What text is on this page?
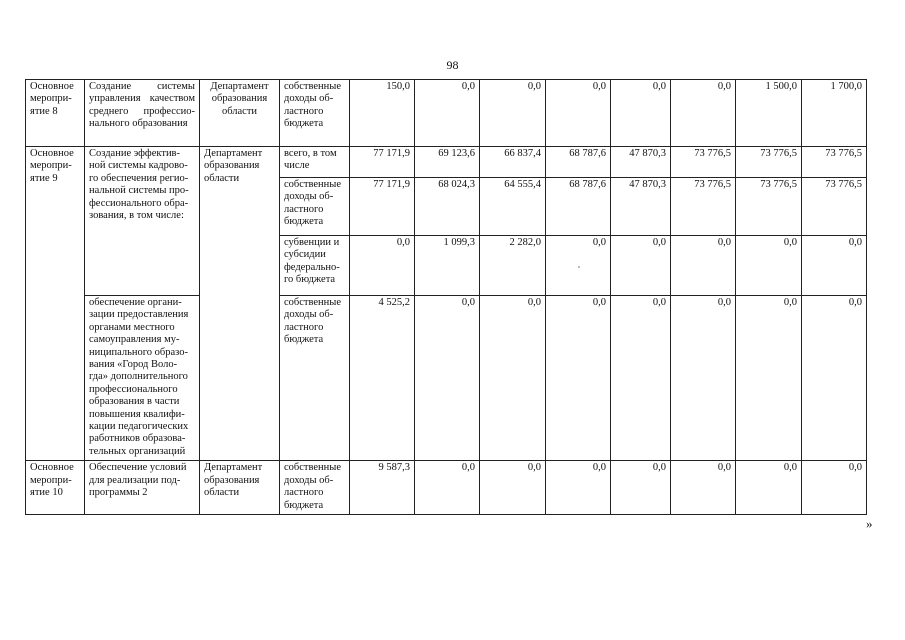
98
Основное меропри-ятие 8	Создание системы управления качеством среднего профессио-нального образования	Департамент образования области	собственные доходы об-ластного бюджета	150,0	0,0	0,0	0,0	0,0	0,0	1 500,0	1 700,0
Основное меропри-ятие 9	Создание эффектив-ной системы кадрово-го обеспечения регио-нальной системы про-фессионального обра-зования, в том числе:	Департамент образования области	всего, в том числе	77 171,9	69 123,6	66 837,4	68 787,6	47 870,3	73 776,5	73 776,5	73 776,5
			собственные доходы об-ластного бюджета	77 171,9	68 024,3	64 555,4	68 787,6	47 870,3	73 776,5	73 776,5	73 776,5
			субвенции и субсидии федерально-го бюджета	0,0	1 099,3	2 282,0	0,0	0,0	0,0	0,0	0,0
	обеспечение органи-зации предоставления органами местного самоуправления му-ниципального образо-вания «Город Воло-гда» дополнительного профессионального образования в части повышения квалифи-кации педагогических работников образова-тельных организаций		собственные доходы об-ластного бюджета	4 525,2	0,0	0,0	0,0	0,0	0,0	0,0	0,0
Основное меропри-ятие 10	Обеспечение условий для реализации под-программы 2	Департамент образования области	собственные доходы об-ластного бюджета	9 587,3	0,0	0,0	0,0	0,0	0,0	0,0	0,0
»
